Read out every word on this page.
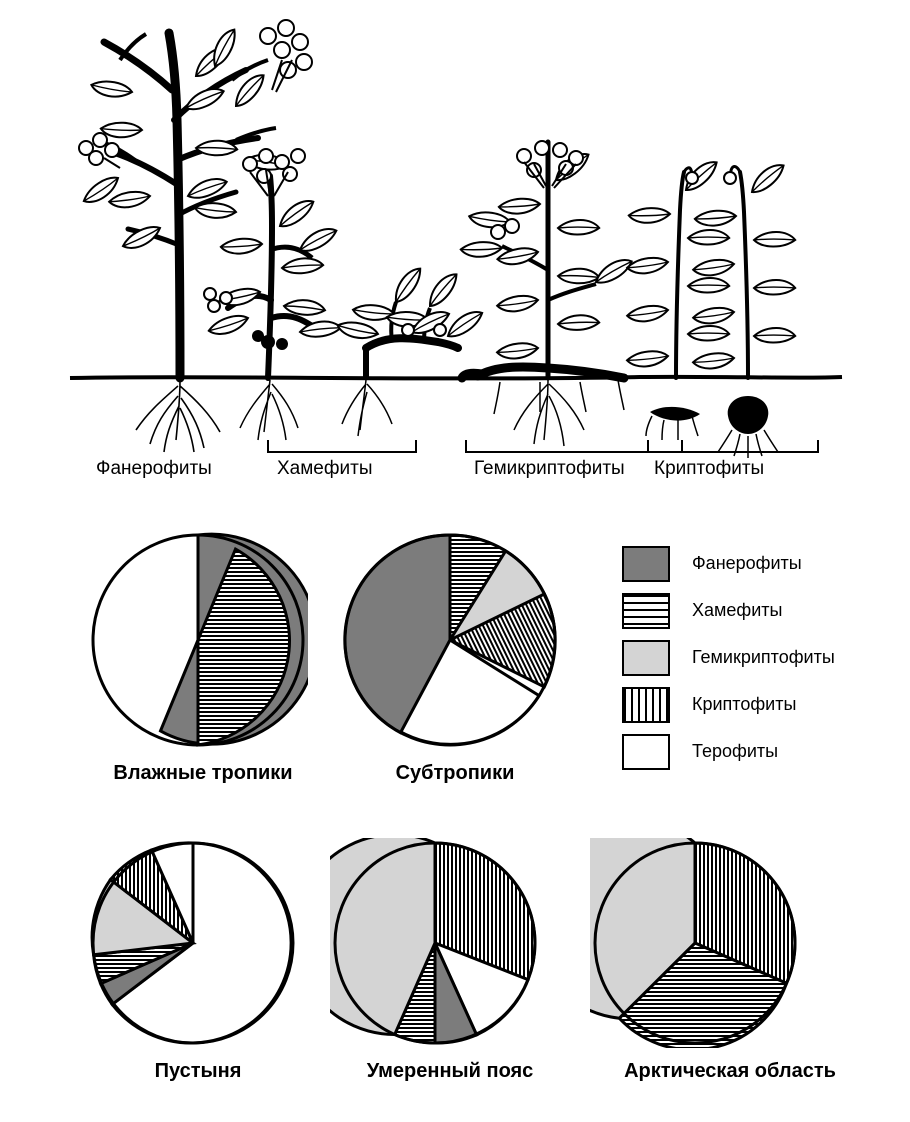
Фанерофиты	Хамефиты	Гемикриптофиты Криптофиты
Фанерофиты
Хамефиты
Гемикриптофиты
Криптофиты
Терофиты
Влажные тропики	Субтропики
Пустыня	Умеренный пояс	Арктическая область
